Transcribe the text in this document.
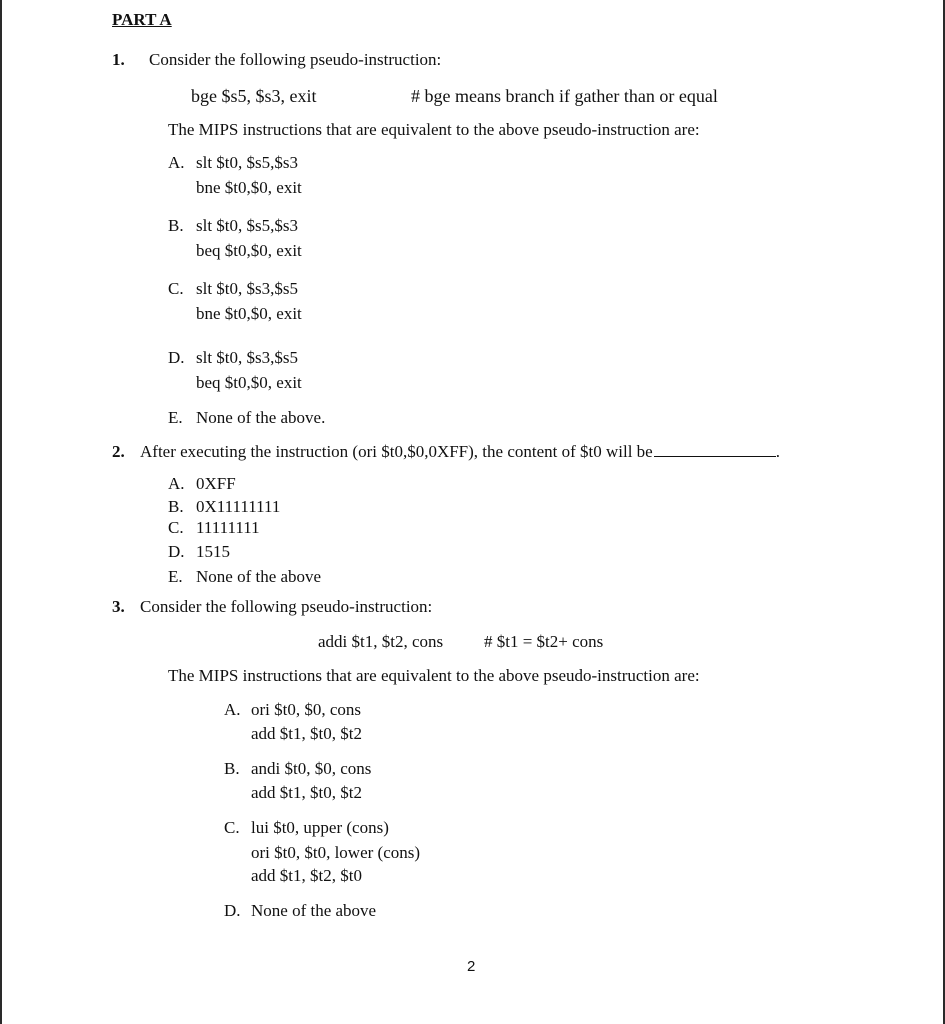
PART A
1. Consider the following pseudo-instruction:
bge $s5, $s3, exit	# bge means branch if gather than or equal
The MIPS instructions that are equivalent to the above pseudo-instruction are:
A. slt $t0, $s5,$s3
bne $t0,$0, exit
B. slt $t0, $s5,$s3
beq $t0,$0, exit
C. slt $t0, $s3,$s5
bne $t0,$0, exit
D. slt $t0, $s3,$s5
beq $t0,$0, exit
E. None of the above.
2. After executing the instruction (ori $t0,$0,0XFF), the content of $t0 will be	.
A. 0XFF
B. 0X11111111
C. 11111111
D. 1515
E. None of the above
3. Consider the following pseudo-instruction:
addi $t1, $t2, cons # $t1 = $t2+ cons
The MIPS instructions that are equivalent to the above pseudo-instruction are:
A. ori $t0, $0, cons
add $t1, $t0, $t2
B. andi $t0, $0, cons
add $t1, $t0, $t2
C. lui $t0, upper (cons)
ori $t0, $t0, lower (cons)
add $t1, $t2, $t0
D. None of the above
2
